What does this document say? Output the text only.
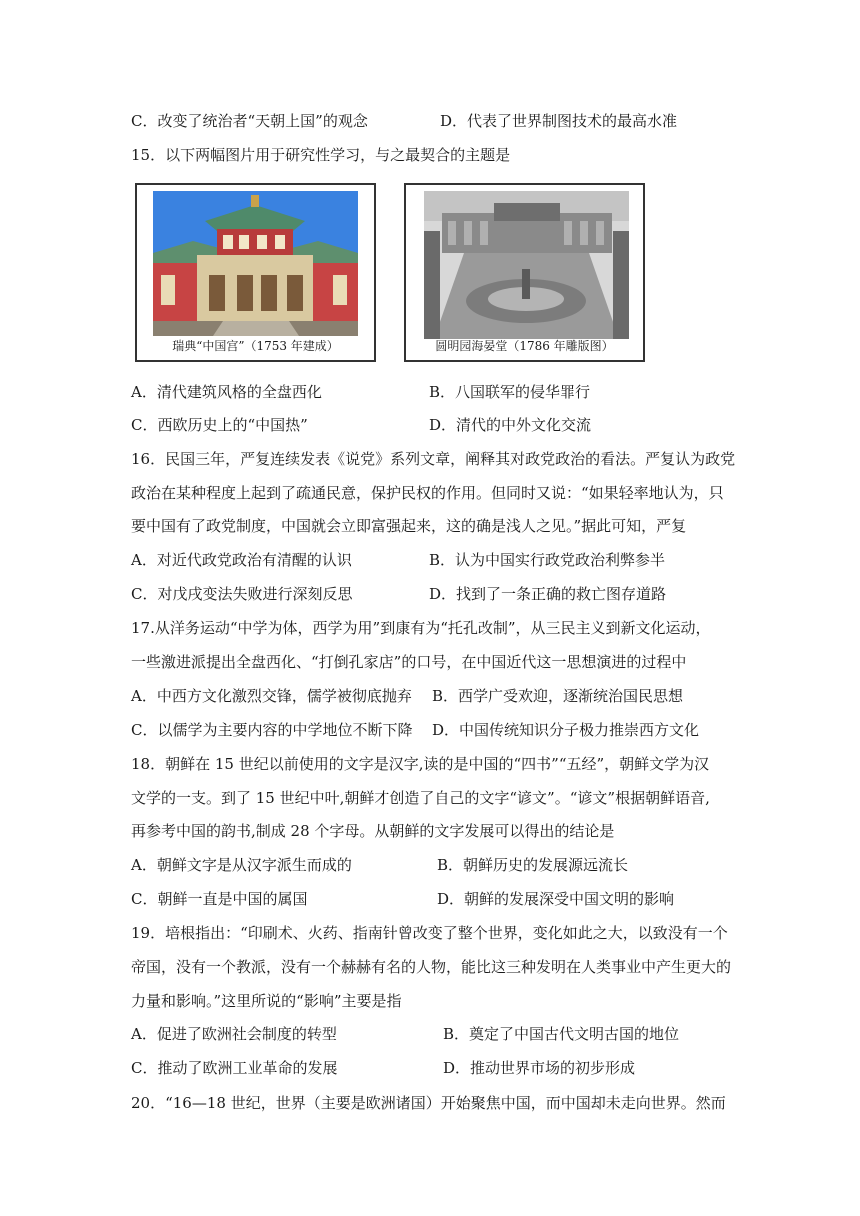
C．改变了统治者“天朝上国”的观念	D．代表了世界制图技术的最高水准
15．以下两幅图片用于研究性学习，与之最契合的主题是
瑞典“中国宫”（1753 年建成）	圆明园海晏堂（1786 年雕版图）
A．清代建筑风格的全盘西化	B．八国联军的侵华罪行
C．西欧历史上的“中国热”	D．清代的中外文化交流
16．民国三年，严复连续发表《说党》系列文章，阐释其对政党政治的看法。严复认为政党
政治在某种程度上起到了疏通民意，保护民权的作用。但同时又说：“如果轻率地认为，只
要中国有了政党制度，中国就会立即富强起来，这的确是浅人之见。”据此可知，严复
A．对近代政党政治有清醒的认识	B．认为中国实行政党政治利弊参半
C．对戊戌变法失败进行深刻反思	D．找到了一条正确的救亡图存道路
17.从洋务运动“中学为体，西学为用”到康有为“托孔改制”，从三民主义到新文化运动，
一些激进派提出全盘西化、“打倒孔家店”的口号，在中国近代这一思想演进的过程中
A．中西方文化激烈交锋，儒学被彻底抛弃 B．西学广受欢迎，逐渐统治国民思想
C．以儒学为主要内容的中学地位不断下降 D．中国传统知识分子极力推崇西方文化
18．朝鲜在 15 世纪以前使用的文字是汉字,读的是中国的“四书”“五经”，朝鲜文学为汉
文学的一支。到了 15 世纪中叶,朝鲜才创造了自己的文字“谚文”。“谚文”根据朝鲜语音,
再参考中国的韵书,制成 28 个字母。从朝鲜的文字发展可以得出的结论是
A．朝鲜文字是从汉字派生而成的	B．朝鲜历史的发展源远流长
C．朝鲜一直是中国的属国	D．朝鲜的发展深受中国文明的影响
19．培根指出：“印刷术、火药、指南针曾改变了整个世界，变化如此之大，以致没有一个
帝国，没有一个教派，没有一个赫赫有名的人物，能比这三种发明在人类事业中产生更大的
力量和影响。”这里所说的“影响”主要是指
A．促进了欧洲社会制度的转型	B．奠定了中国古代文明古国的地位
C．推动了欧洲工业革命的发展	D．推动世界市场的初步形成
20．“16—18 世纪，世界（主要是欧洲诸国）开始聚焦中国，而中国却未走向世界。然而
